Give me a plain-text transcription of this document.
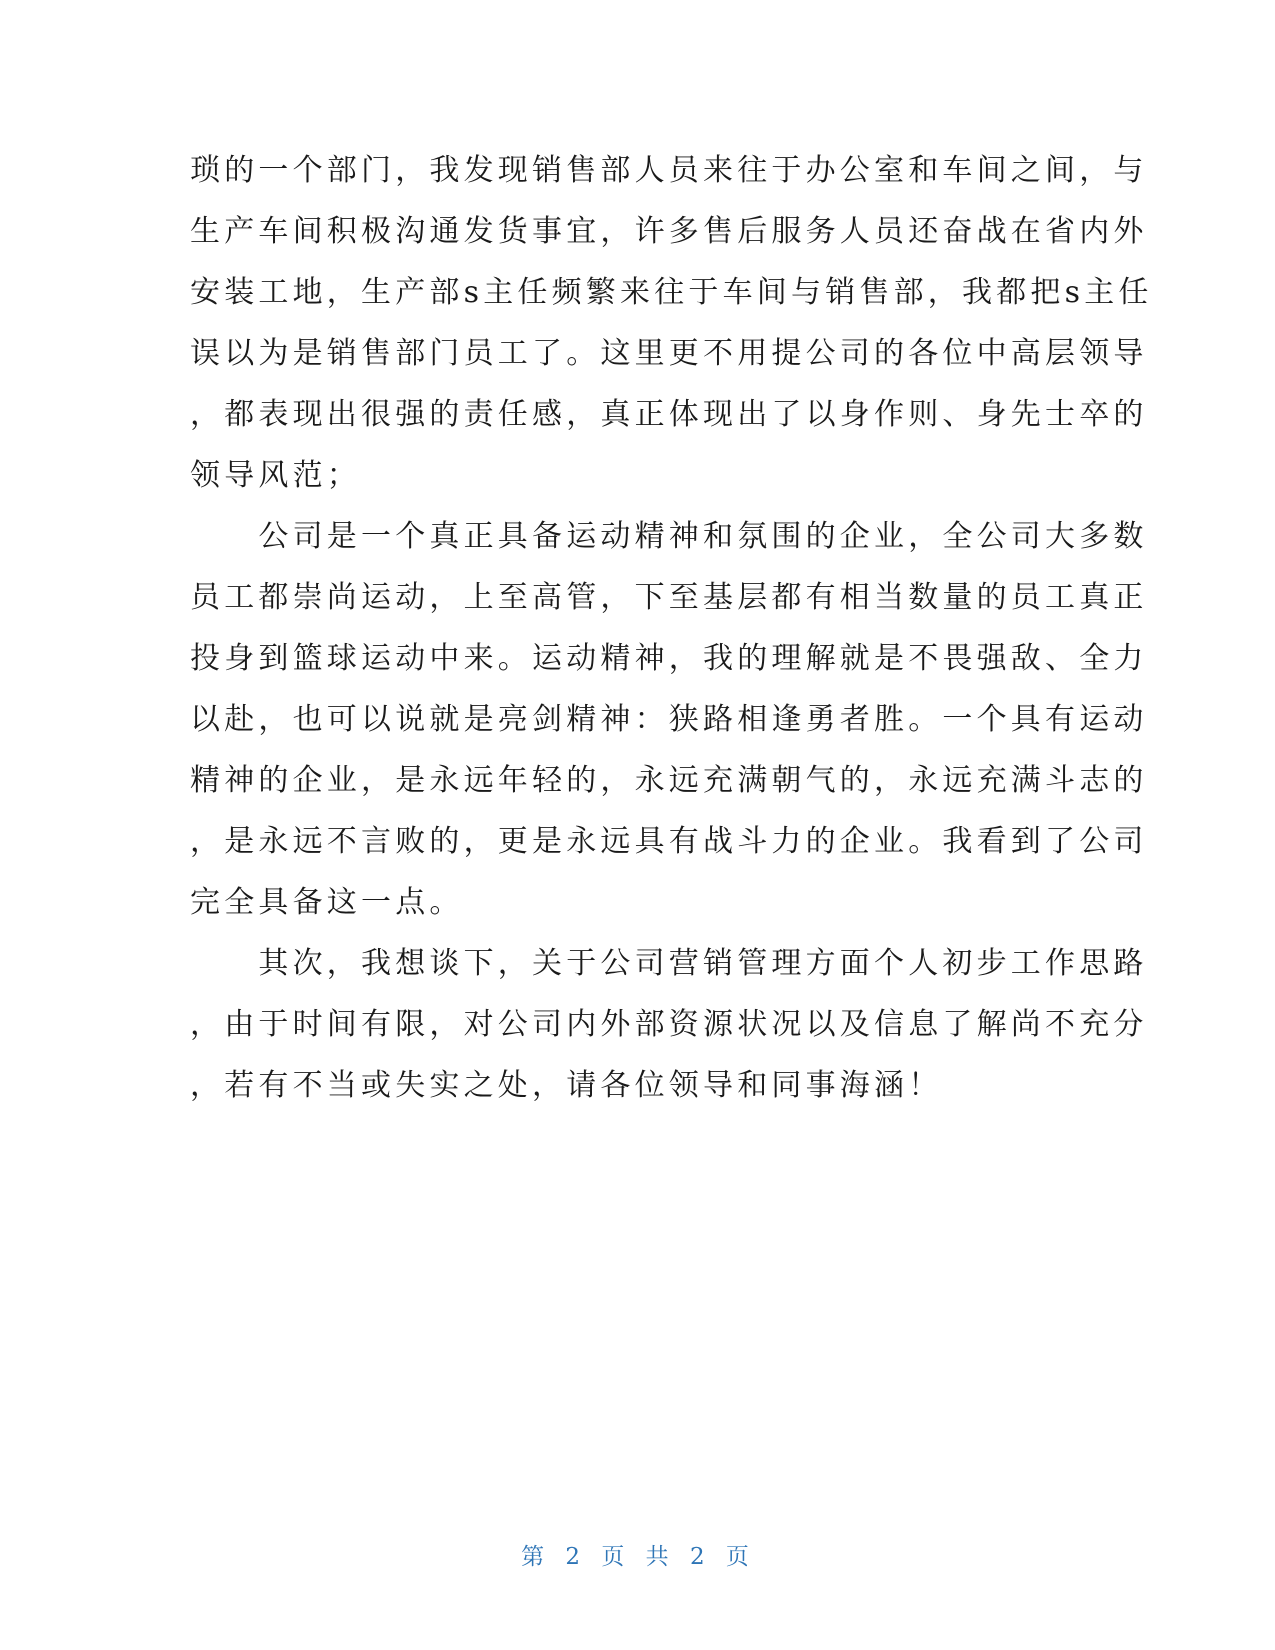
琐的一个部门，我发现销售部人员来往于办公室和车间之间，与
生产车间积极沟通发货事宜，许多售后服务人员还奋战在省内外
安装工地，生产部s主任频繁来往于车间与销售部，我都把s主任
误以为是销售部门员工了。这里更不用提公司的各位中高层领导
，都表现出很强的责任感，真正体现出了以身作则、身先士卒的
领导风范；
　　公司是一个真正具备运动精神和氛围的企业，全公司大多数
员工都崇尚运动，上至高管，下至基层都有相当数量的员工真正
投身到篮球运动中来。运动精神，我的理解就是不畏强敌、全力
以赴，也可以说就是亮剑精神：狭路相逢勇者胜。一个具有运动
精神的企业，是永远年轻的，永远充满朝气的，永远充满斗志的
，是永远不言败的，更是永远具有战斗力的企业。我看到了公司
完全具备这一点。
　　其次，我想谈下，关于公司营销管理方面个人初步工作思路
，由于时间有限，对公司内外部资源状况以及信息了解尚不充分
，若有不当或失实之处，请各位领导和同事海涵！
第 2 页 共 2 页
